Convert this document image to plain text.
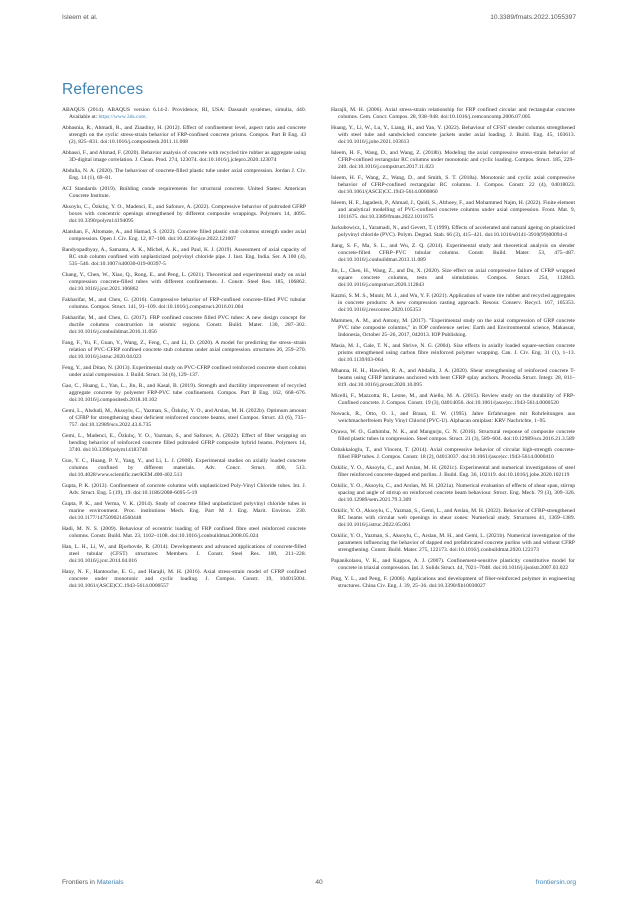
Isleem et al.	10.3389/fmats.2022.1055397
References

ABAQUS (2014). ABAQUS version 6.14-2. Providence, RI, USA: Dassault systèmes, simulia, 440. Available at: https://www.3ds.com.

Abbasnia, R., Ahmadi, R., and Ziaadiny, H. (2012). Effect of confinement level, aspect ratio and concrete strength on the cyclic stress-strain behavior of FRP-confined concrete prisms. Compos. Part B Eng. 43 (2), 825–831. doi:10.1016/j.compositesb.2011.11.008

Abbassi, F., and Ahmad, F. (2020). Behavior analysis of concrete with recycled tire rubber as aggregate using 3D-digital image correlation. J. Clean. Prod. 274, 123074. doi:10.1016/j.jclepro.2020.123074

Abdulla, N. A. (2020). The behaviour of concrete-filled plastic tube under axial compression. Jordan J. Civ. Eng. 14 (1), 69–81.

ACI Standards (2019). Building conde requirements for structural concrete. United States: American Concrete Institute.

Aksoylu, C., Özkılıç, Y. O., Madenci, E., and Safonov, A. (2022). Compressive behavior of pultruded GFRP boxes with concentric openings strengthened by different composite wrappings. Polymers 14, 4095. doi:10.3390/polym14194095

Alatshan, F., Altomate, A., and Hamad, S. (2022). Concrete filled plastic stub columns strength under axial compression. Open J. Civ. Eng. 12, 87–100. doi:10.4236/ojce.2022.121007

Bandyopadhyay, A., Samanta, A. K., Michel, A. K., and Paul, K. J. (2019). Assessment of axial capacity of RC stub column confined with unplasticized polyvinyl chloride pipe. J. Inst. Eng. India. Ser. A 100 (4), 535–546. doi:10.1007/s40030-019-00397-5

Chang, Y., Chen, W., Xiao, Q., Rong, E., and Peng, L. (2021). Theoretical and experimental study on axial compression concrete-filled tubes with different confinements. J. Constr. Steel Res. 185, 106862. doi:10.1016/j.jcsr.2021.106862

Fakharifar, M., and Chen, G. (2016). Compressive behavior of FRP-confined concrete-filled PVC tubular columns. Compos. Struct. 141, 91–109. doi:10.1016/j.compstruct.2016.01.004

Fakharifar, M., and Chen, G. (2017). FRP confined concrete filled PVC tubes: A new design concept for ductile columns construction in seismic regions. Constr. Build. Mater. 130, 287–302. doi:10.1016/j.conbuildmat.2016.11.056

Fang, F., Yu, F., Guan, Y., Wang, Z., Feng, C., and Li, D. (2020). A model for predicting the stress–strain relation of PVC-CFRP confined concrete stub columns under axial compression. structures 26, 259–270. doi:10.1016/j.istruc.2020.04.023

Feng, Y., and Ditao, N. (2013). Experimental study on PVC-CFRP confined reinforced concrete short column under axial compression. J. Build. Struct. 34 (6), 129–137.

Gao, C., Huang, L., Yan, L., Jin, R., and Kasal, B. (2019). Strength and ductility improvement of recycled aggregate concrete by polyester FRP-PVC tube confinement. Compos. Part B Eng. 162, 668–676. doi:10.1016/j.compositesb.2018.10.102

Gemi, L., Alsdudi, M., Aksoylu, C., Yazman, S., Özkılıç, Y. O., and Arslan, M. H. (2022b). Optimum amount of CFRP for strengthening shear deficient reinforced concrete beams. steel Compos. Struct. 43 (6), 735–757. doi:10.12989/scs.2022.43.6.735

Gemi, L., Madenci, E., Özkılıç, Y. O., Yazman, S., and Safonov, A. (2022). Effect of fiber wrapping on bending behavior of reinforced concrete filled pultruded GFRP composite hybrid beams. Polymers 14, 3740. doi:10.3390/polym14183740

Guo, Y. C., Huang, P. Y., Yang, Y., and Li, L. J. (2008). Experimental studies on axially loaded concrete columns confined by different materials. Adv. Concr. Struct. 400, 513. doi:10.4028/www.scientific.net/KEM.400-402.513

Gupta, P. K. (2013). Confinement of concrete columns with unplasticized Poly-Vinyl Chloride tubes. Int. J. Adv. Struct. Eng. 5 (19), 19. doi:10.1186/2008-6695-5-19

Gupta, P. K., and Verma, V. K. (2014). Study of concrete filled unplasticized polyvinyl chloride tubes in marine environment. Proc. institutions Mech. Eng. Part M J. Eng. Marit. Environ. 230. doi:10.1177/1475090214560448

Hadi, M. N. S. (2009). Behaviour of eccentric loading of FRP confined fibre steel reinforced concrete columns. Constr. Build. Mat. 23, 1102–1108. doi:10.1016/j.conbuildmat.2008.05.024

Han, L. H., Li, W., and Bjorhovde, R. (2014). Developments and advanced applications of concrete-filled steel tubular (CFST) structures: Members. J. Constr. Steel Res. 100, 211–228. doi:10.1016/j.jcsr.2014.04.016

Hany, N. F., Hantouche, E. G., and Harajli, M. H. (2016). Axial stress-strain model of CFRP confined concrete under monotonic and cyclic loading. J. Compos. Constr. 19, 104015004. doi:10.1061/(ASCE)CC.1943-5614.0000557

Harajli, M. H. (2006). Axial stress-strain relationship for FRP confined circular and rectangular concrete columns. Cem. Concr. Compos. 28, 938–948. doi:10.1016/j.cemconcomp.2006.07.005

Huang, Y., Li, W., Lu, Y., Liang, H., and Yan, Y. (2022). Behaviour of CFST slender columns strengthened with steel tube and sandwiched concrete jackets under axial loading. J. Build. Eng. 45, 103613. doi:10.1016/j.jobe.2021.103613

Isleem, H. F., Wang, D., and Wang, Z. (2018b). Modeling the axial compressive stress-strain behavior of CFRP-confined rectangular RC columns under monotonic and cyclic loading. Compos. Struct. 185, 229–240. doi:10.1016/j.compstruct.2017.11.023

Isleem, H. F., Wang, Z., Wang, D., and Smith, S. T. (2018a). Monotonic and cyclic axial compressive behavior of CFRP-confined rectangular RC columns. J. Compos. Constr. 22 (4), 04018023. doi:10.1061/(ASCE)CC.1943-5614.0000860

Isleem, H. F., Jagadesh, P., Ahmad, J., Qaidi, S., Althoey, F., and Mohammed Najm, H. (2022). Finite element and analytical modelling of PVC-confined concrete columns under axial compression. Front. Mat. 9, 1011675. doi:10.3389/fmats.2022.1011675

Jackubowicz, I., Yaramadi, N., and Gevert, T. (1999). Effects of accelerated and natural ageing on plasticized polyvinyl chloride (PVC). Polym. Degrad. Stab. 66 (3), 415–421. doi:10.1016/s0141-3910(99)00094-4

Jiang, S. F., Ma, S. L., and Wu, Z. Q. (2014). Experimental study and theoretical analysis on slender concrete-filled CFRP–PVC tubular columns. Constr. Build. Mater. 53, 475–487. doi:10.1016/j.conbuildmat.2013.11.089

Jin, L., Chen, H., Wang, Z., and Du, X. (2020). Size effect on axial compressive failure of CFRP wrapped square concrete columns, tests and simulations. Compos. Struct. 254, 112843. doi:10.1016/j.compstruct.2020.112843

Kazmi, S. M. S., Munir, M. J., and Wu, Y. F. (2021). Application of waste tire rubber and recycled aggregates in concrete products: A new compression casting approach. Resour. Conserv. Recycl. 167, 105353. doi:10.1016/j.resconrec.2020.105353

Mammen, A. M., and Antony, M. (2017). "Experimental study on the axial compression of GRP concrete PVC tube composite columns," in IOP conference series: Earth and Environmental science, Makassar, Indonesia, October 25–26, 2017, 042013. IOP Publishing.

Masia, M. J., Gale, T. N., and Shrive, N. G. (2004). Size effects in axially loaded square-section concrete prisms strengthened using carbon fibre reinforced polymer wrapping. Can. J. Civ. Eng. 31 (1), 1–13. doi:10.1139/l03-064

Mhanna, H. H., Hawileh, R. A., and Abdalla, J. A. (2020). Shear strengthening of reinforced concrete T-beams using CFRP laminates anchored with bent CFRP splay anchors. Procedia Struct. Integr. 28, 811–819. doi:10.1016/j.prostr.2020.10.095

Micelli, F., Mazzotta, R., Leone, M., and Aiello, M. A. (2015). Review study on the durability of FRP-Confined concrete. J. Compos. Constr. 19 (3), 04014056. doi:10.1061/(asce)cc.1943-5614.0000520

Nowack, R., Otto, O. I., and Braun, E. W. (1995). Jahre Erfahrungen mit Rohrleitungen aus weichmacherfreiem Poly Vinyl Chlorid (PVC-U). Alphacan omiplast: KRV Nachrichte, 1–95.

Oyawa, W. O., Gathimba, N. K., and Mangurju, G. N. (2016). Structural response of composite concrete filled plastic tubes in compression. Steel compos. Struct. 21 (3), 589–604. doi:10.12989/scs.2016.21.3.589

Ozbakkaloglu, T., and Vincent, T. (2014). Axial compressive behavior of circular high-strength concrete-filled FRP tubes. J. Compos. Constr. 18 (2), 04013037. doi:10.1061/(asce)cc.1943-5614.0000410

Ozkilic, Y. O., Aksoylu, C., and Arslan, M. H. (2021c). Experimental and numerical investigations of steel fiber reinforced concrete dapped end purlins. J. Build. Eng. 36, 102119. doi:10.1016/j.jobe.2020.102119

Ozkilic, Y. O., Aksoylu, C., and Arslan, M. H. (2021a). Numerical evaluation of effects of shear span, stirrup spacing and angle of stirrup on reinforced concrete beam behaviour. Struct. Eng. Mech. 79 (3), 309–326. doi:10.12989/sem.2021.79.3.309

Ozkilic, Y. O., Aksoylu, C., Yazman, S., Gemi, L., and Arslan, M. H. (2022). Behavior of CFRP-strengthened RC beams with circular web openings in shear zones: Numerical study. Structures 41, 1369–1389. doi:10.1016/j.istruc.2022.05.061

Ozkilic, Y. O., Yazman, S., Aksoylu, C., Arslan, M. H., and Gemi, L. (2021b). Numerical investigation of the parameters influencing the behavior of dapped end prefabricated concrete purlins with and without CFRP strengthening. Constr. Build. Mater. 275, 122173. doi:10.1016/j.conbuildmat.2020.122173

Papanikolaou, V. K., and Kappos, A. J. (2007). Confinement-sensitive plasticity constitutive model for concrete in triaxial compression. Int. J. Solids Struct. 44, 7021–7048. doi:10.1016/j.ijsolstr.2007.03.022

Ping, Y. L., and Peng, F. (2006). Applications and development of fiber-reinforced polymer in engineering structures. China Civ. Eng. J. 39, 25–36. doi:10.3390/fib10030027

Frontiers in Materials	40	frontiersin.org
